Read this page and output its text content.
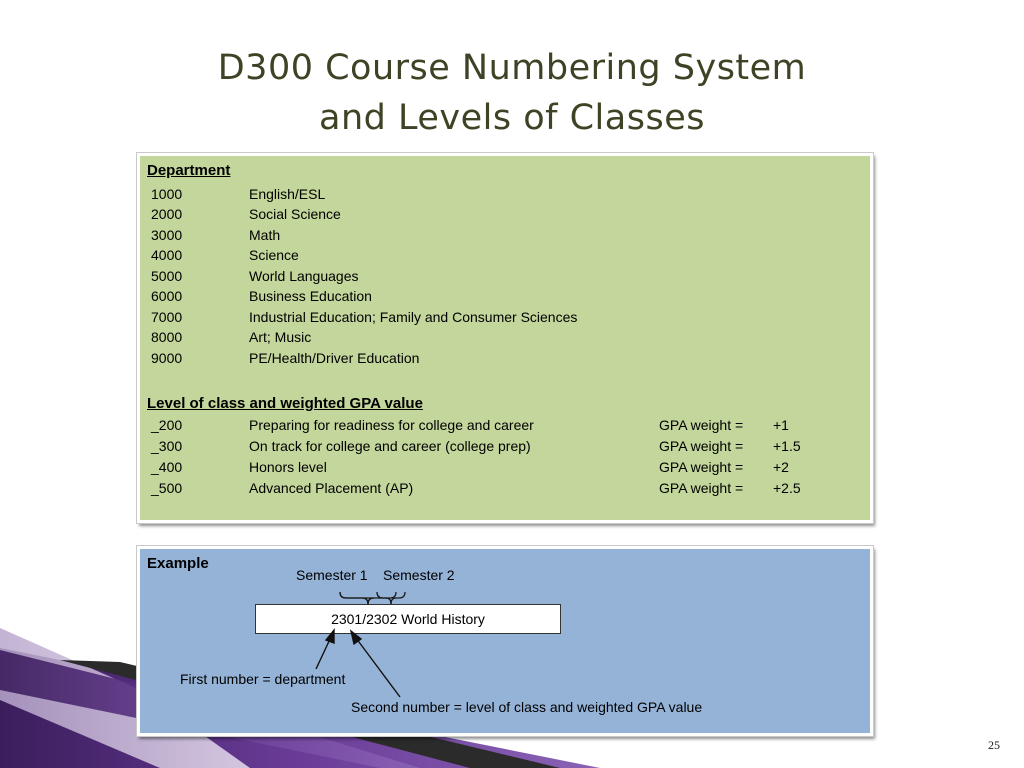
D300 Course Numbering System
and Levels of Classes
Department
1000	English/ESL
2000	Social Science
3000	Math
4000	Science
5000	World Languages
6000	Business Education
7000	Industrial Education; Family and Consumer Sciences
8000	Art; Music
9000	PE/Health/Driver Education
Level of class and weighted GPA value
_200	Preparing for readiness for college and career	GPA weight = +1
_300	On track for college and career (college prep)	GPA weight = +1.5
_400	Honors level	GPA weight = +2
_500	Advanced Placement (AP)	GPA weight = +2.5
Example
Semester 1 Semester 2
2301/2302 World History
First number = department
Second number = level of class and weighted GPA value
25
